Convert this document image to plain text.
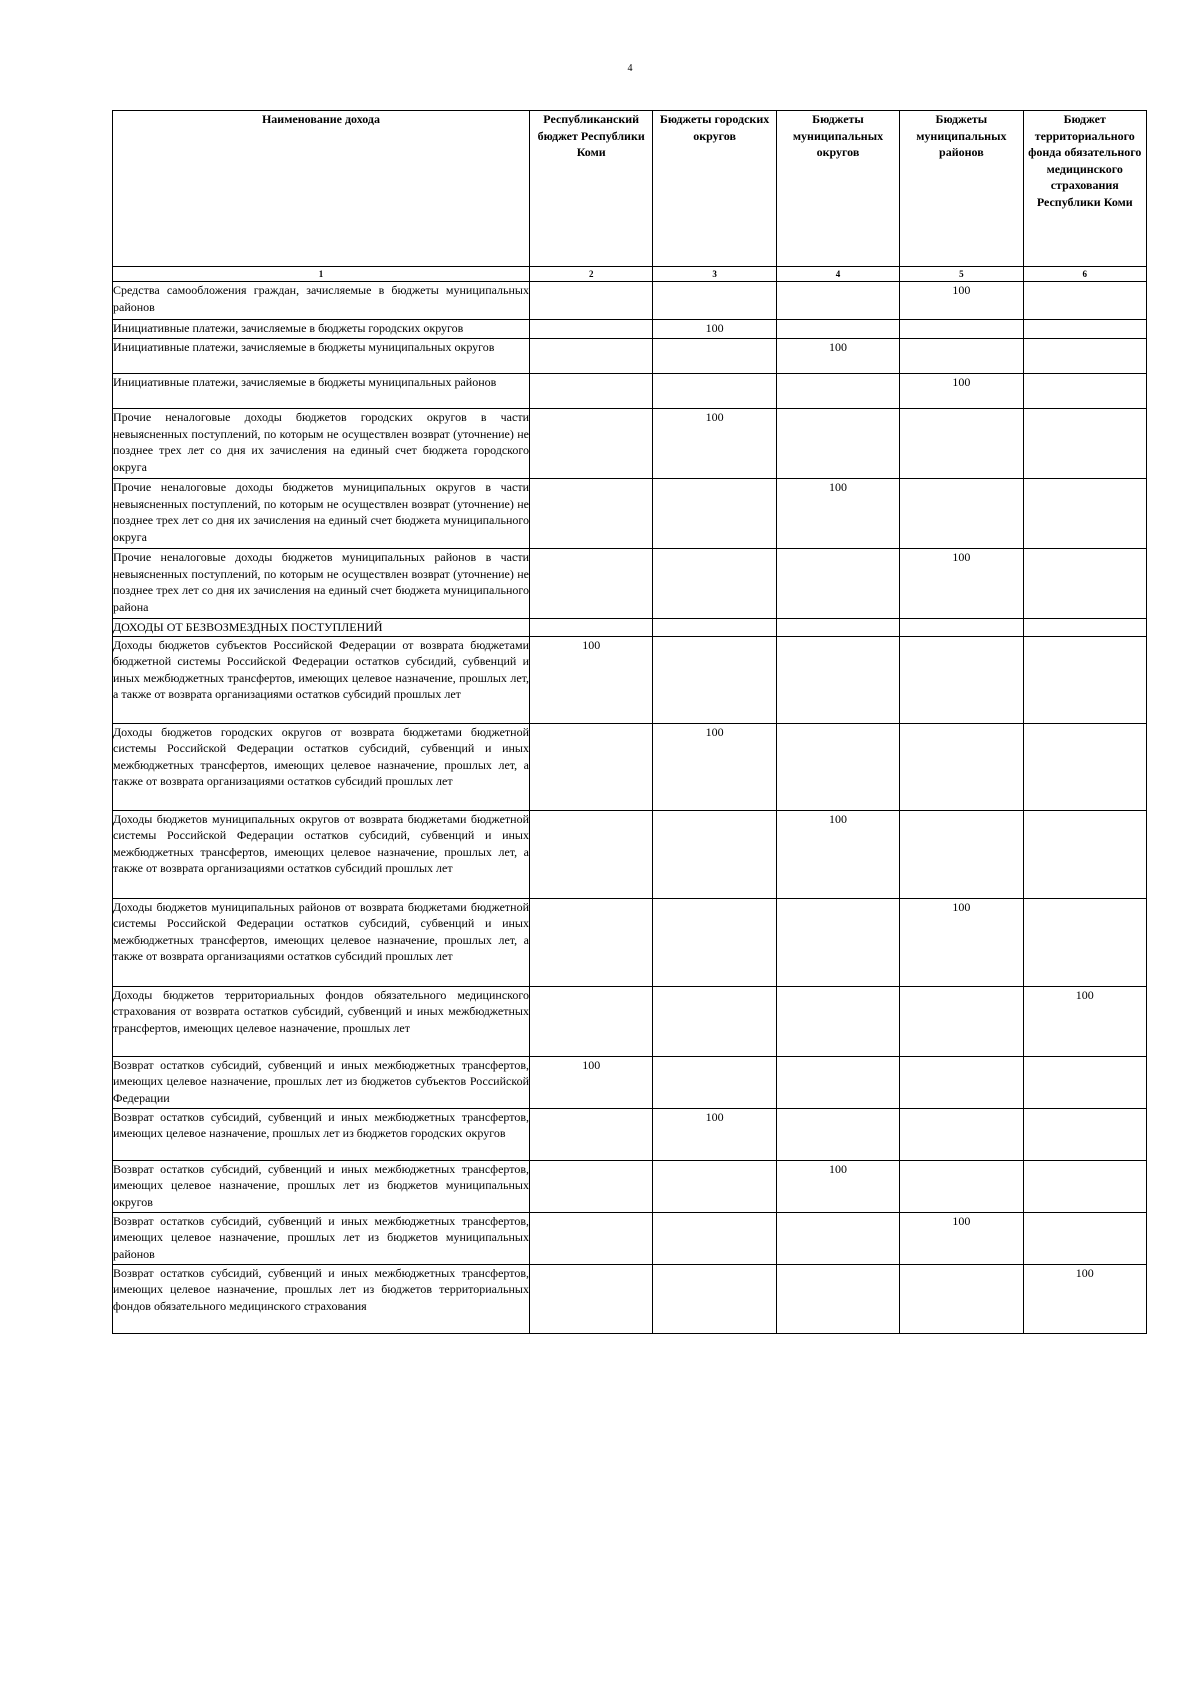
4
Наименование дохода	Республиканский бюджет Республики Коми	Бюджеты городских округов	Бюджеты муниципальных округов	Бюджеты муниципальных районов	Бюджет территориального фонда обязательного медицинского страхования Республики Коми
1	2	3	4	5	6
Средства самообложения граждан, зачисляемые в бюджеты муниципальных районов				100	
Инициативные платежи, зачисляемые в бюджеты городских округов		100			
Инициативные платежи, зачисляемые в бюджеты муниципальных округов			100		
Инициативные платежи, зачисляемые в бюджеты муниципальных районов				100	
Прочие неналоговые доходы бюджетов городских округов в части невыясненных поступлений, по которым не осуществлен возврат (уточнение) не позднее трех лет со дня их зачисления на единый счет бюджета городского округа		100			
Прочие неналоговые доходы бюджетов муниципальных округов в части невыясненных поступлений, по которым не осуществлен возврат (уточнение) не позднее трех лет со дня их зачисления на единый счет бюджета муниципального округа			100		
Прочие неналоговые доходы бюджетов муниципальных районов в части невыясненных поступлений, по которым не осуществлен возврат (уточнение) не позднее трех лет со дня их зачисления на единый счет бюджета муниципального района				100	
ДОХОДЫ ОТ БЕЗВОЗМЕЗДНЫХ ПОСТУПЛЕНИЙ					
Доходы бюджетов субъектов Российской Федерации от возврата бюджетами бюджетной системы Российской Федерации остатков субсидий, субвенций и иных межбюджетных трансфертов, имеющих целевое назначение, прошлых лет, а также от возврата организациями остатков субсидий прошлых лет	100				
Доходы бюджетов городских округов от возврата бюджетами бюджетной системы Российской Федерации остатков субсидий, субвенций и иных межбюджетных трансфертов, имеющих целевое назначение, прошлых лет, а также от возврата организациями остатков субсидий прошлых лет		100			
Доходы бюджетов муниципальных округов от возврата бюджетами бюджетной системы Российской Федерации остатков субсидий, субвенций и иных межбюджетных трансфертов, имеющих целевое назначение, прошлых лет, а также от возврата организациями остатков субсидий прошлых лет			100		
Доходы бюджетов муниципальных районов от возврата бюджетами бюджетной системы Российской Федерации остатков субсидий, субвенций и иных межбюджетных трансфертов, имеющих целевое назначение, прошлых лет, а также от возврата организациями остатков субсидий прошлых лет				100	
Доходы бюджетов территориальных фондов обязательного медицинского страхования от возврата остатков субсидий, субвенций и иных межбюджетных трансфертов, имеющих целевое назначение, прошлых лет					100
Возврат остатков субсидий, субвенций и иных межбюджетных трансфертов, имеющих целевое назначение, прошлых лет из бюджетов субъектов Российской Федерации	100				
Возврат остатков субсидий, субвенций и иных межбюджетных трансфертов, имеющих целевое назначение, прошлых лет из бюджетов городских округов		100			
Возврат остатков субсидий, субвенций и иных межбюджетных трансфертов, имеющих целевое назначение, прошлых лет из бюджетов муниципальных округов			100		
Возврат остатков субсидий, субвенций и иных межбюджетных трансфертов, имеющих целевое назначение, прошлых лет из бюджетов муниципальных районов				100	
Возврат остатков субсидий, субвенций и иных межбюджетных трансфертов, имеющих целевое назначение, прошлых лет из бюджетов территориальных фондов обязательного медицинского страхования					100
